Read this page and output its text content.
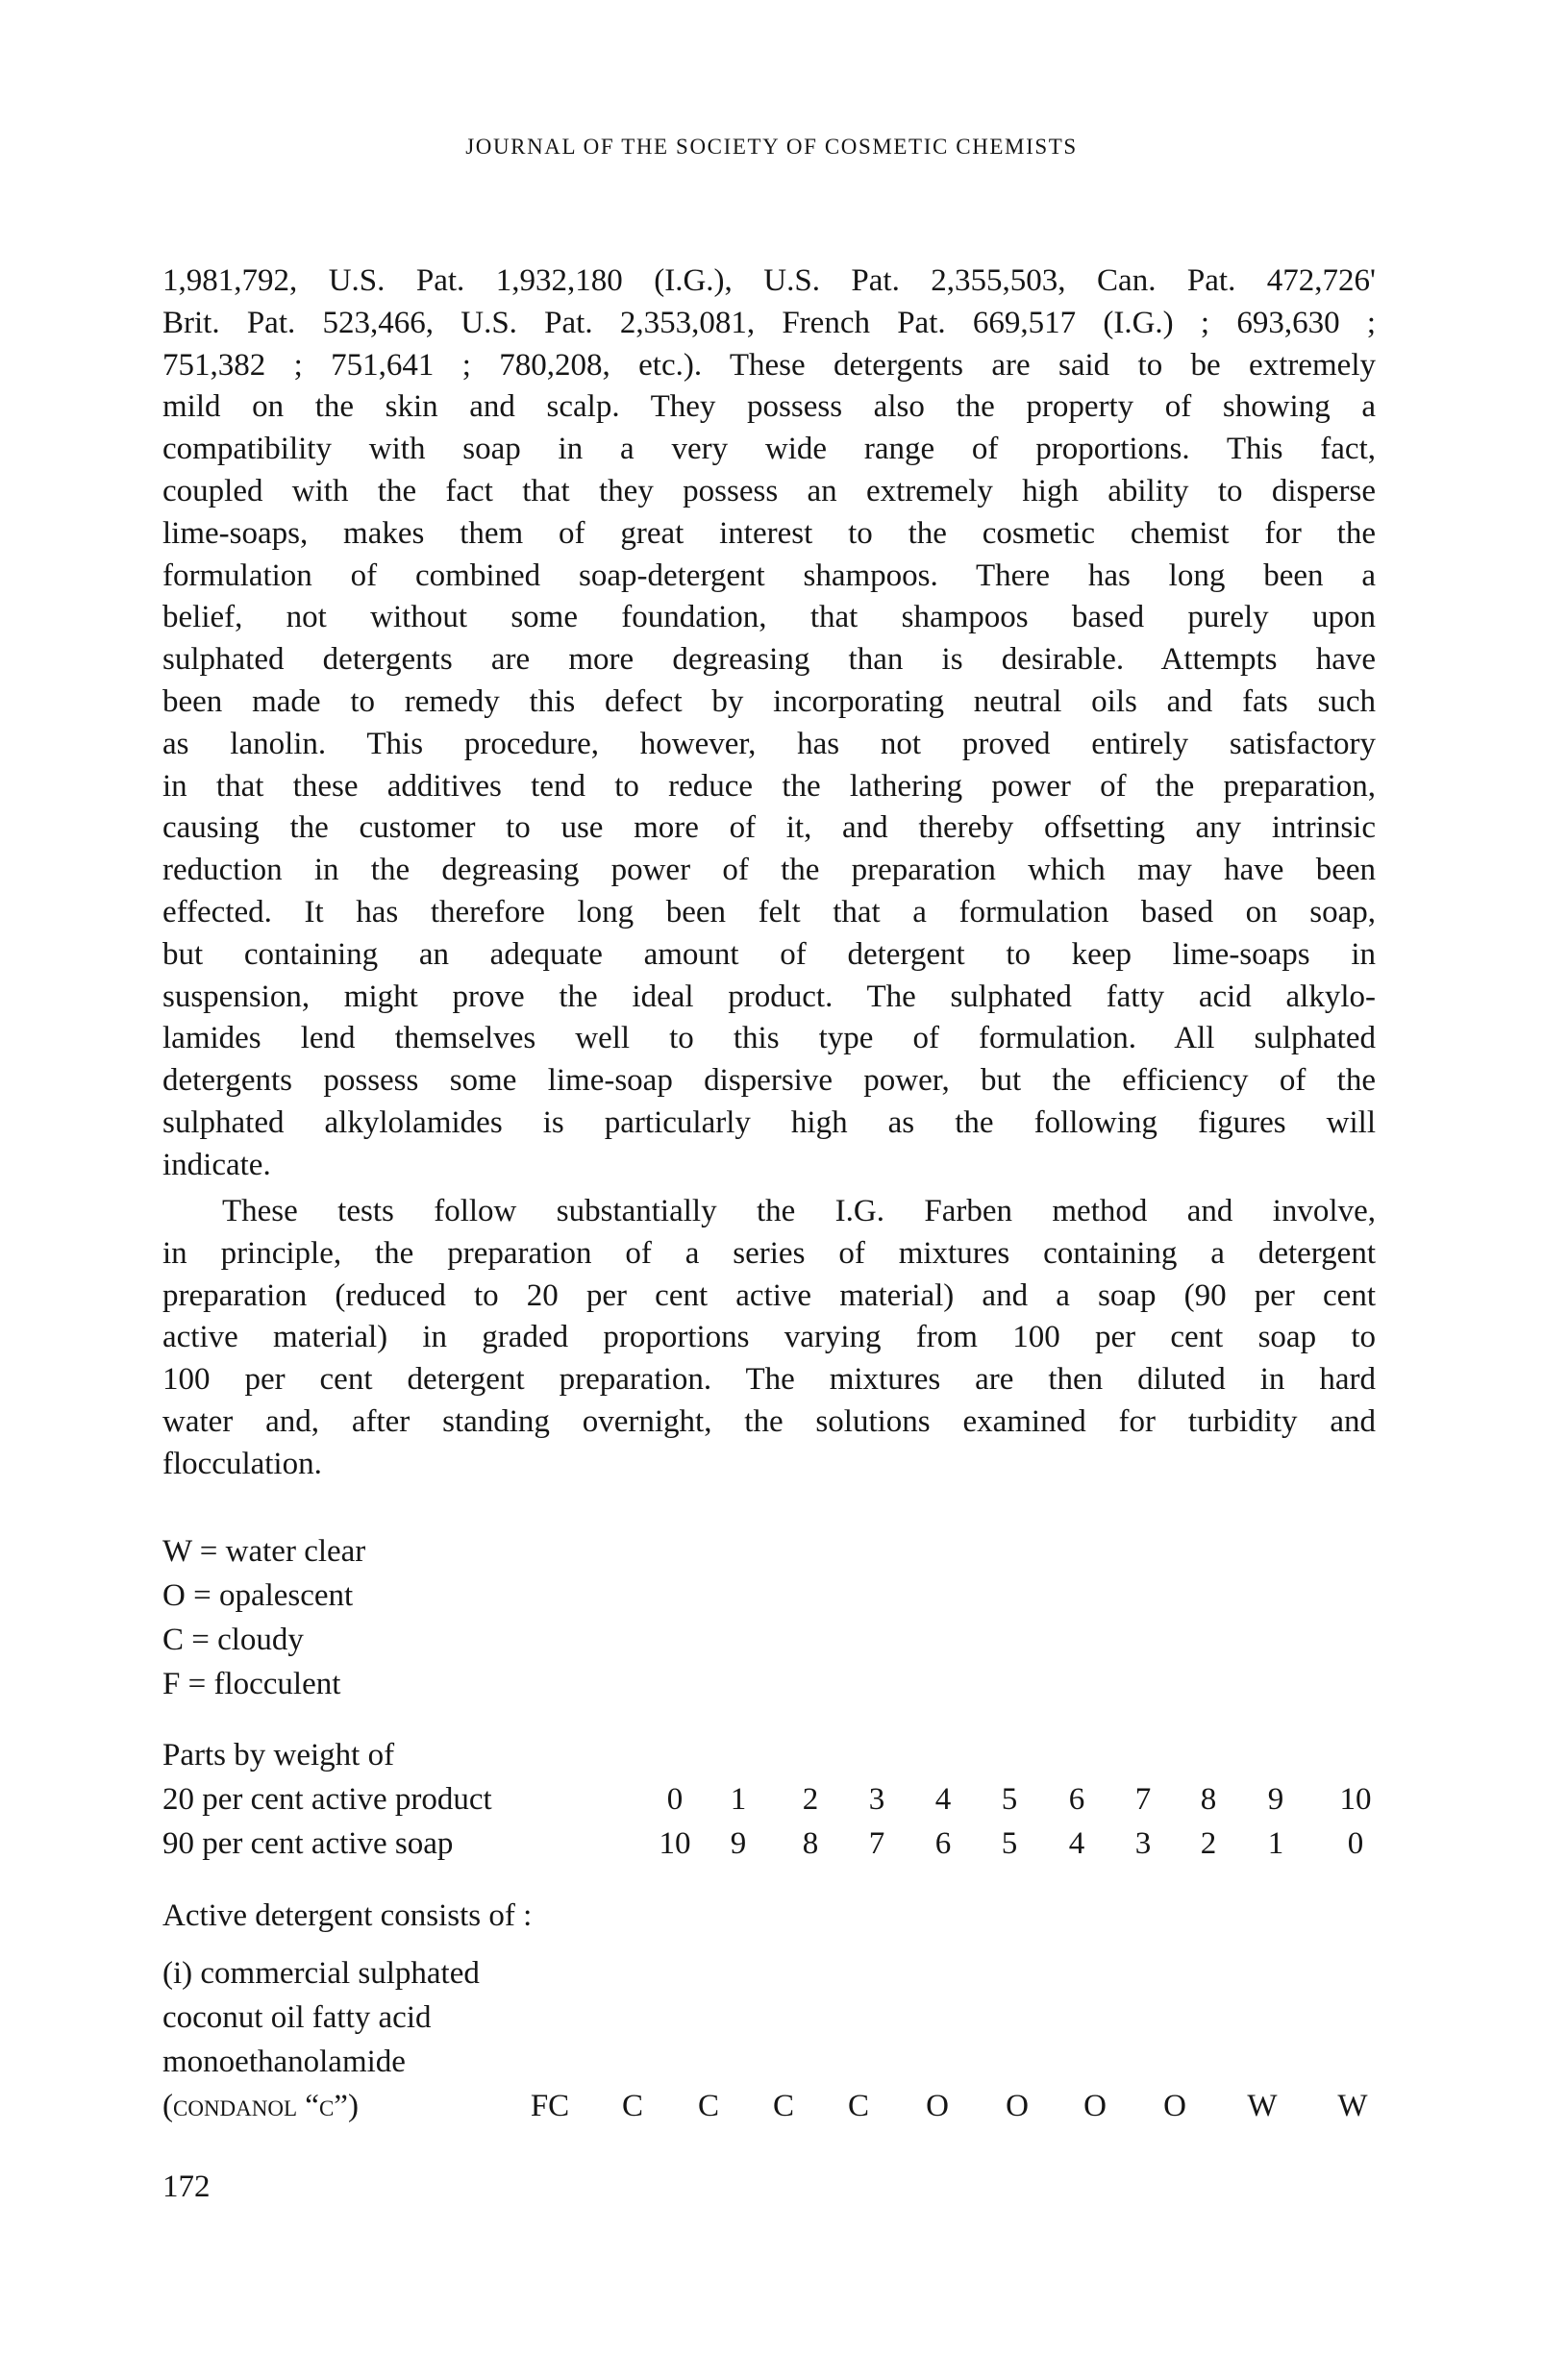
JOURNAL OF THE SOCIETY OF COSMETIC CHEMISTS
1,981,792, U.S. Pat. 1,932,180 (I.G.), U.S. Pat. 2,355,503, Can. Pat. 472,726'
Brit. Pat. 523,466, U.S. Pat. 2,353,081, French Pat. 669,517 (I.G.) ; 693,630 ;
751,382 ; 751,641 ; 780,208, etc.). These detergents are said to be extremely
mild on the skin and scalp. They possess also the property of showing a
compatibility with soap in a very wide range of proportions. This fact,
coupled with the fact that they possess an extremely high ability to disperse
lime-soaps, makes them of great interest to the cosmetic chemist for the
formulation of combined soap-detergent shampoos. There has long been a
belief, not without some foundation, that shampoos based purely upon
sulphated detergents are more degreasing than is desirable. Attempts have
been made to remedy this defect by incorporating neutral oils and fats such
as lanolin. This procedure, however, has not proved entirely satisfactory
in that these additives tend to reduce the lathering power of the preparation,
causing the customer to use more of it, and thereby offsetting any intrinsic
reduction in the degreasing power of the preparation which may have been
effected. It has therefore long been felt that a formulation based on soap,
but containing an adequate amount of detergent to keep lime-soaps in
suspension, might prove the ideal product. The sulphated fatty acid alkylo-
lamides lend themselves well to this type of formulation. All sulphated
detergents possess some lime-soap dispersive power, but the efficiency of the
sulphated alkylolamides is particularly high as the following figures will
indicate.
These tests follow substantially the I.G. Farben method and involve,
in principle, the preparation of a series of mixtures containing a detergent
preparation (reduced to 20 per cent active material) and a soap (90 per cent
active material) in graded proportions varying from 100 per cent soap to
100 per cent detergent preparation. The mixtures are then diluted in hard
water and, after standing overnight, the solutions examined for turbidity and
flocculation.
W = water clear
O = opalescent
C = cloudy
F = flocculent
Parts by weight of
20 per cent active product	0 1 2 3 4 5 6 7 8 9 10
90 per cent active soap	10 9 8 7 6 5 4 3 2 1 0
Active detergent consists of :
(i) commercial sulphated
coconut oil fatty acid
monoethanolamide
(condanol “c”)	FC C C C C O O O O W W
172
